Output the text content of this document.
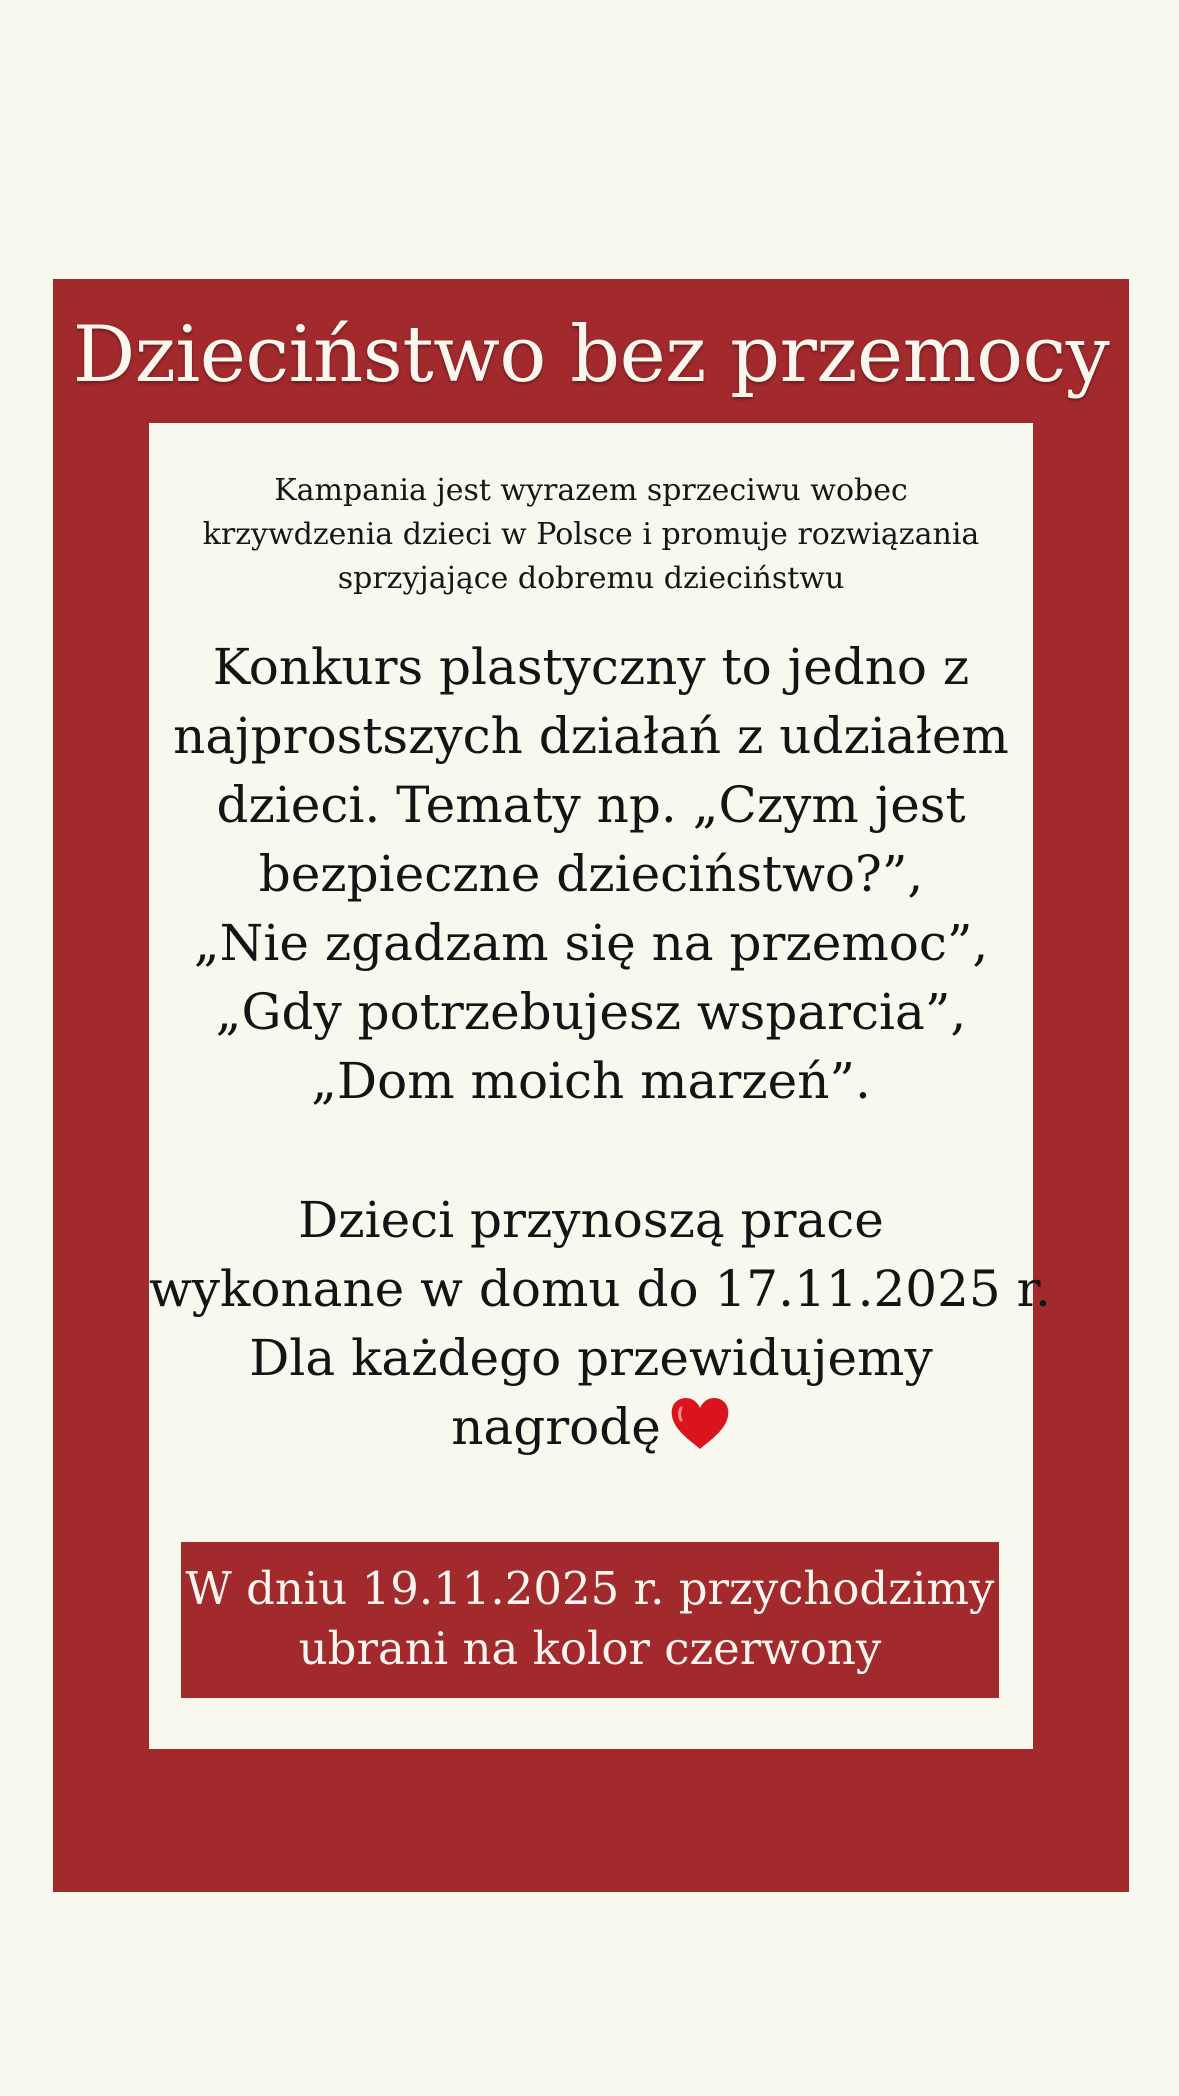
Dzieciństwo bez przemocy
Kampania jest wyrazem sprzeciwu wobec
krzywdzenia dzieci w Polsce i promuje rozwiązania
sprzyjające dobremu dzieciństwu
Konkurs plastyczny to jedno z
najprostszych działań z udziałem
dzieci. Tematy np. „Czym jest
bezpieczne dzieciństwo?”,
„Nie zgadzam się na przemoc”,
„Gdy potrzebujesz wsparcia”,
„Dom moich marzeń”.
Dzieci przynoszą prace
wykonane w domu do 17.11.2025 r.
Dla każdego przewidujemy
nagrodę
W dniu 19.11.2025 r. przychodzimy
ubrani na kolor czerwony
